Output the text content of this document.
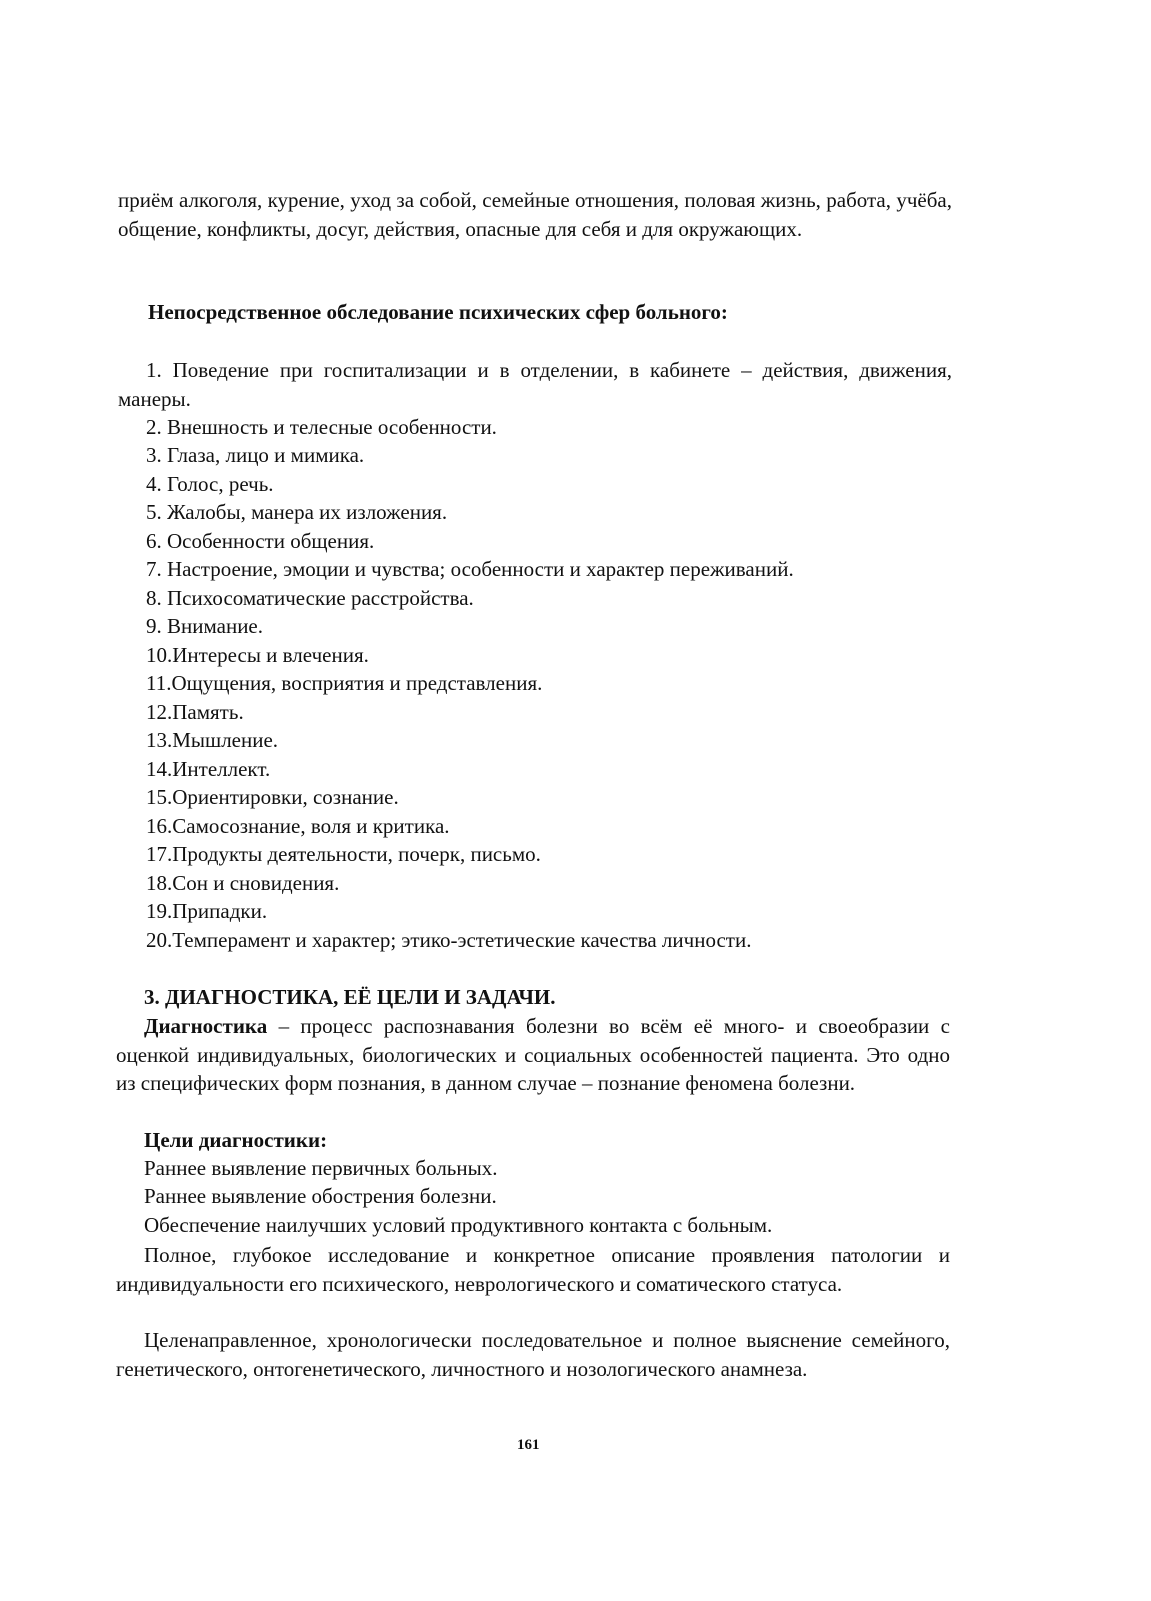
приём алкоголя, курение, уход за собой, семейные отношения, половая жизнь, работа, учёба, общение, конфликты, досуг, действия, опасные для себя и для окружающих.
Непосредственное обследование психических сфер больного:
1. Поведение при госпитализации и в отделении, в кабинете – действия, движения, манеры.
2. Внешность и телесные особенности.
3. Глаза, лицо и мимика.
4. Голос, речь.
5. Жалобы, манера их изложения.
6. Особенности общения.
7. Настроение, эмоции и чувства; особенности и характер переживаний.
8. Психосоматические расстройства.
9. Внимание.
10.Интересы и влечения.
11.Ощущения, восприятия и представления.
12.Память.
13.Мышление.
14.Интеллект.
15.Ориентировки, сознание.
16.Самосознание, воля и критика.
17.Продукты деятельности, почерк, письмо.
18.Сон и сновидения.
19.Припадки.
20.Темперамент и характер; этико-эстетические качества личности.
3. ДИАГНОСТИКА, ЕЁ ЦЕЛИ И ЗАДАЧИ.
Диагностика – процесс распознавания болезни во всём её много- и своеобразии с оценкой индивидуальных, биологических и социальных особенностей пациента. Это одно из специфических форм познания, в данном случае – познание феномена болезни.
Цели диагностики:
Раннее выявление первичных больных.
Раннее выявление обострения болезни.
Обеспечение наилучших условий продуктивного контакта с больным.
Полное, глубокое исследование и конкретное описание проявления патологии и индивидуальности его психического, неврологического и соматического статуса.
Целенаправленное, хронологически последовательное и полное выяснение семейного, генетического, онтогенетического, личностного и нозологического анамнеза.
161
